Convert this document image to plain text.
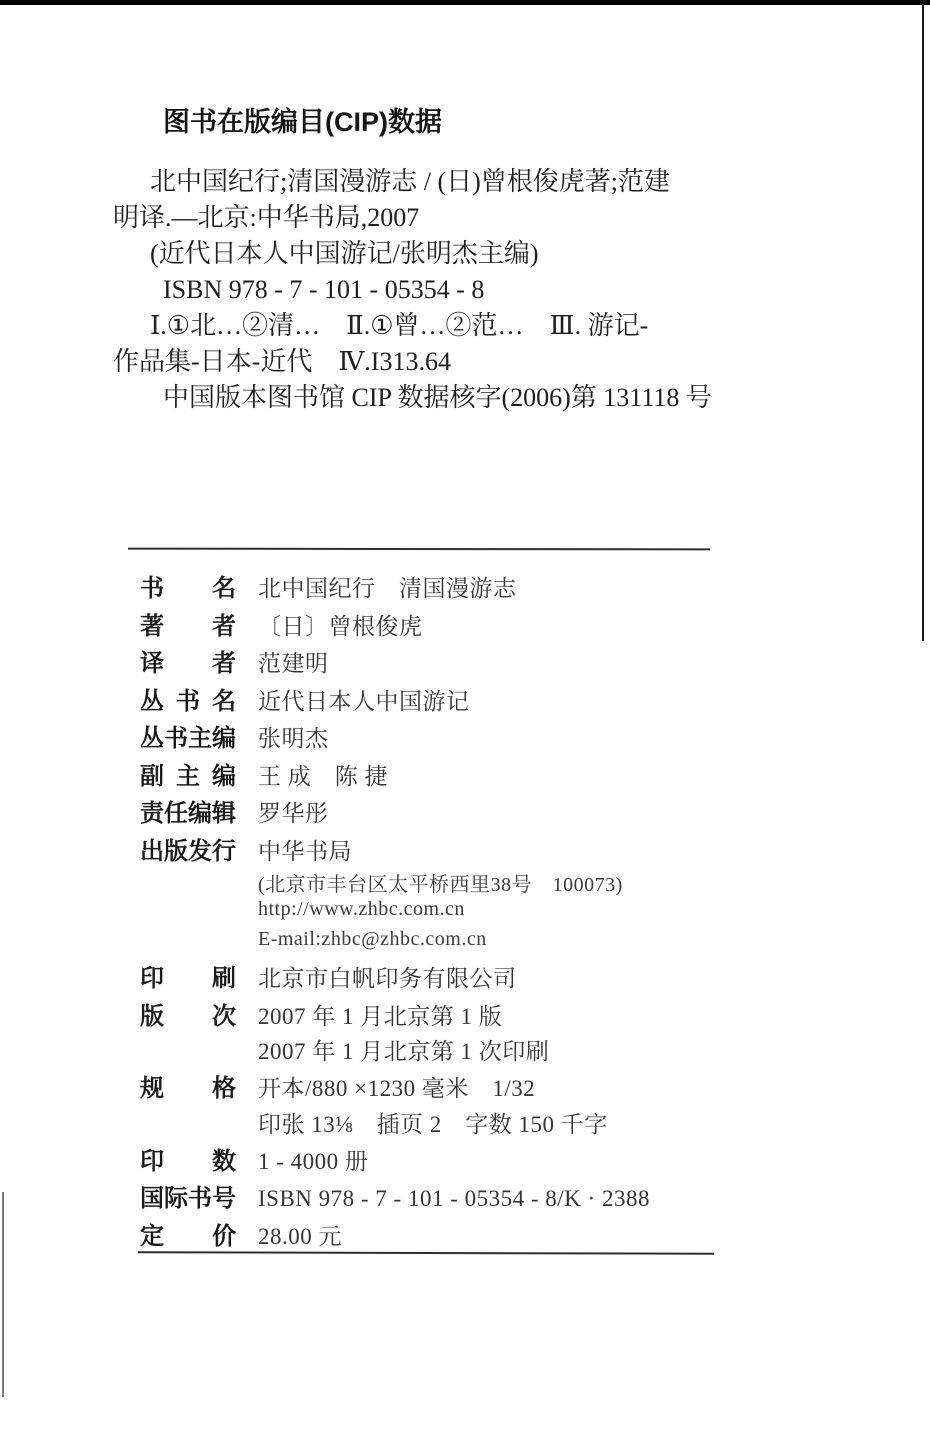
图书在版编目(CIP)数据

北中国纪行;清国漫游志 / (日)曾根俊虎著;范建

明译.—北京:中华书局,2007

(近代日本人中国游记/张明杰主编)

ISBN 978 - 7 - 101 - 05354 - 8

Ⅰ.①北…②清…　Ⅱ.①曾…②范…　Ⅲ. 游记-

作品集-日本-近代　Ⅳ.I313.64

中国版本图书馆 CIP 数据核字(2006)第 131118 号

书名 北中国纪行　清国漫游志
著者 〔日〕曾根俊虎
译者 范建明
丛书名 近代日本人中国游记
丛书主编 张明杰
副主编 王 成　陈 捷
责任编辑 罗华彤
出版发行 中华书局
(北京市丰台区太平桥西里38号　100073)
http://www.zhbc.com.cn
E-mail:zhbc@zhbc.com.cn
印刷 北京市白帆印务有限公司
版次 2007 年 1 月北京第 1 版
2007 年 1 月北京第 1 次印刷
规格 开本/880 ×1230 毫米　1/32
印张 13⅛　插页 2　字数 150 千字
印数 1 - 4000 册
国际书号 ISBN 978 - 7 - 101 - 05354 - 8/K · 2388
定价 28.00 元
